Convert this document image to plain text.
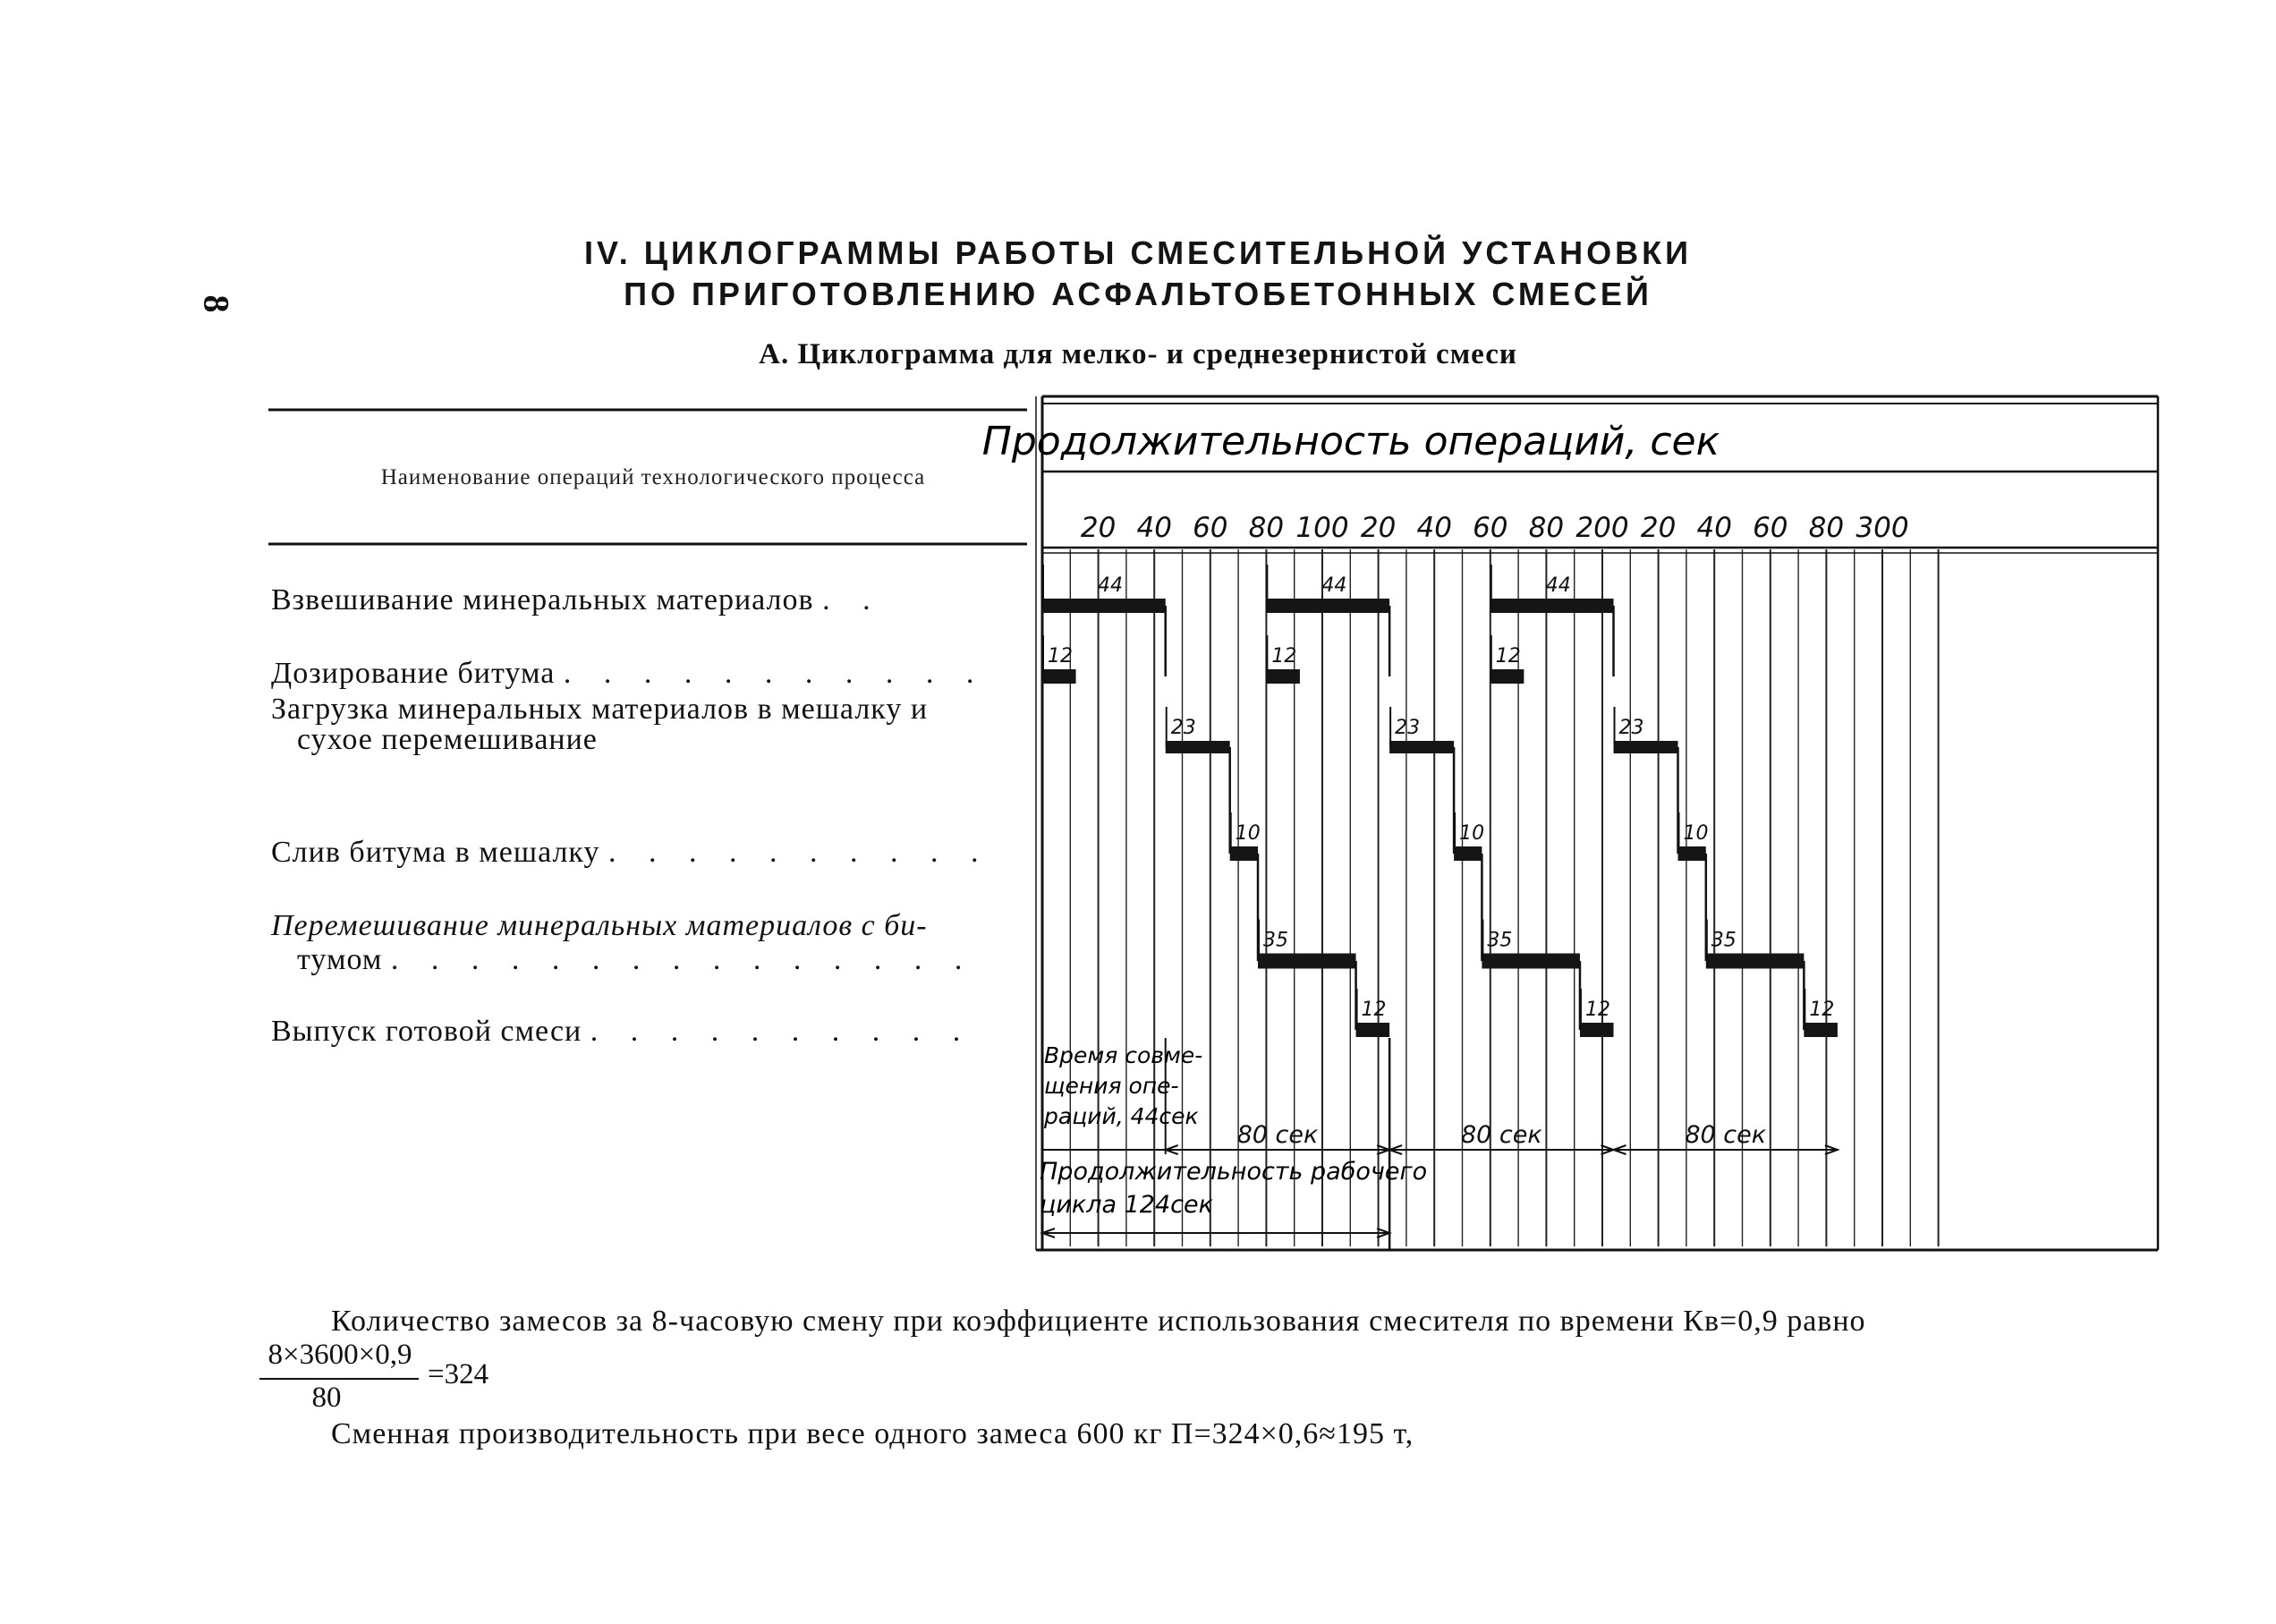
8
IV. ЦИКЛОГРАММЫ РАБОТЫ СМЕСИТЕЛЬНОЙ УСТАНОВКИ
ПО ПРИГОТОВЛЕНИЮ АСФАЛЬТОБЕТОННЫХ СМЕСЕЙ
А. Циклограмма для мелко- и среднезернистой смеси
Наименование операций технологического процесса
Взвешивание минеральных материалов . .
Дозирование битума . . . . . . . . . . .
Загрузка минеральных материалов в мешалку и
сухое перемешивание
Слив битума в мешалку . . . . . . . . . .
Перемешивание минеральных материалов с би-
тумом . . . . . . . . . . . . . . .
Выпуск готовой смеси . . . . . . . . . .
Продолжительность операций, сек
20 40 60 80 100 20 40 60 80 200 20 40 60 80 300
44	44	44
12	12	12
23	23	23
10	10	10
35	35	35
12	12	12
80 сек	80 сек	80 сек
Время совме-
щения опе-
раций, 44сек
Продолжительность рабочего
цикла 124сек
Количество замесов за 8-часовую смену при коэффициенте использования смесителя по времени Кв=0,9 равно
8×3600×0,9
80
=324
Сменная производительность при весе одного замеса 600 кг П=324×0,6≈195 т,
